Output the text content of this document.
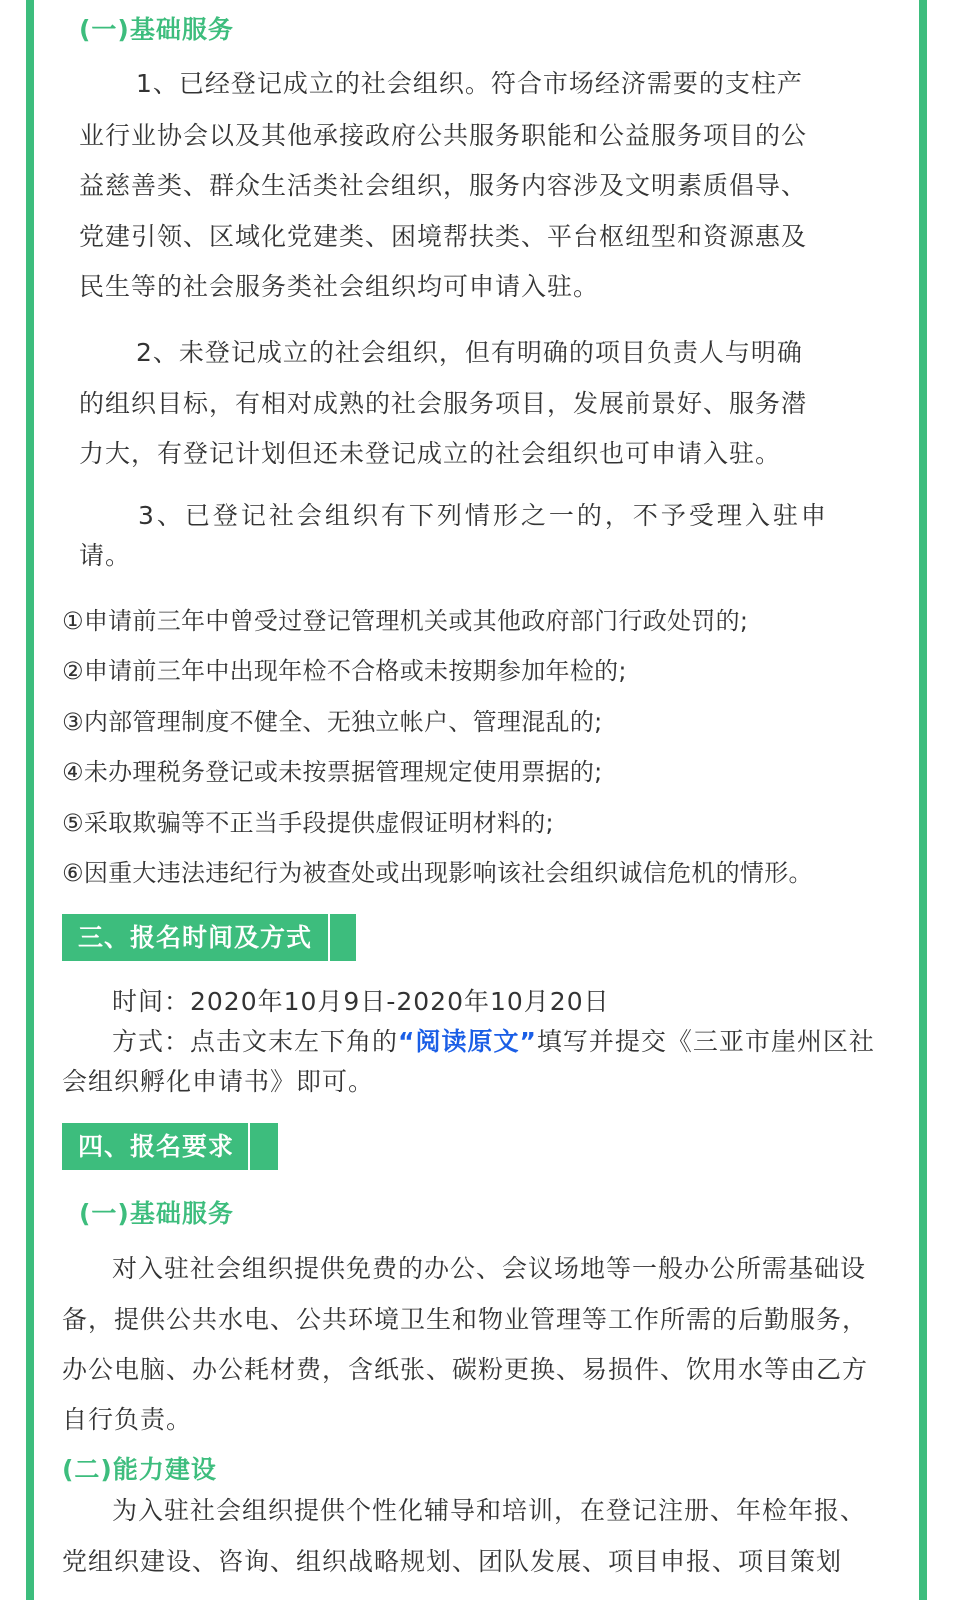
(一)基础服务
1、已经登记成立的社会组织。符合市场经济需要的支柱产
业行业协会以及其他承接政府公共服务职能和公益服务项目的公
益慈善类、群众生活类社会组织，服务内容涉及文明素质倡导、
党建引领、区域化党建类、困境帮扶类、平台枢纽型和资源惠及
民生等的社会服务类社会组织均可申请入驻。
2、未登记成立的社会组织，但有明确的项目负责人与明确
的组织目标，有相对成熟的社会服务项目，发展前景好、服务潜
力大，有登记计划但还未登记成立的社会组织也可申请入驻。
3、已登记社会组织有下列情形之一的，不予受理入驻申
请。
①申请前三年中曾受过登记管理机关或其他政府部门行政处罚的;
②申请前三年中出现年检不合格或未按期参加年检的;
③内部管理制度不健全、无独立帐户、管理混乱的;
④未办理税务登记或未按票据管理规定使用票据的;
⑤采取欺骗等不正当手段提供虚假证明材料的;
⑥因重大违法违纪行为被查处或出现影响该社会组织诚信危机的情形。
三、报名时间及方式
时间：2020年10月9日-2020年10月20日
方式：点击文末左下角的“阅读原文”填写并提交《三亚市崖州区社
会组织孵化申请书》即可。
四、报名要求
(一)基础服务
对入驻社会组织提供免费的办公、会议场地等一般办公所需基础设
备，提供公共水电、公共环境卫生和物业管理等工作所需的后勤服务，
办公电脑、办公耗材费，含纸张、碳粉更换、易损件、饮用水等由乙方
自行负责。
(二)能力建设
为入驻社会组织提供个性化辅导和培训，在登记注册、年检年报、
党组织建设、咨询、组织战略规划、团队发展、项目申报、项目策划
